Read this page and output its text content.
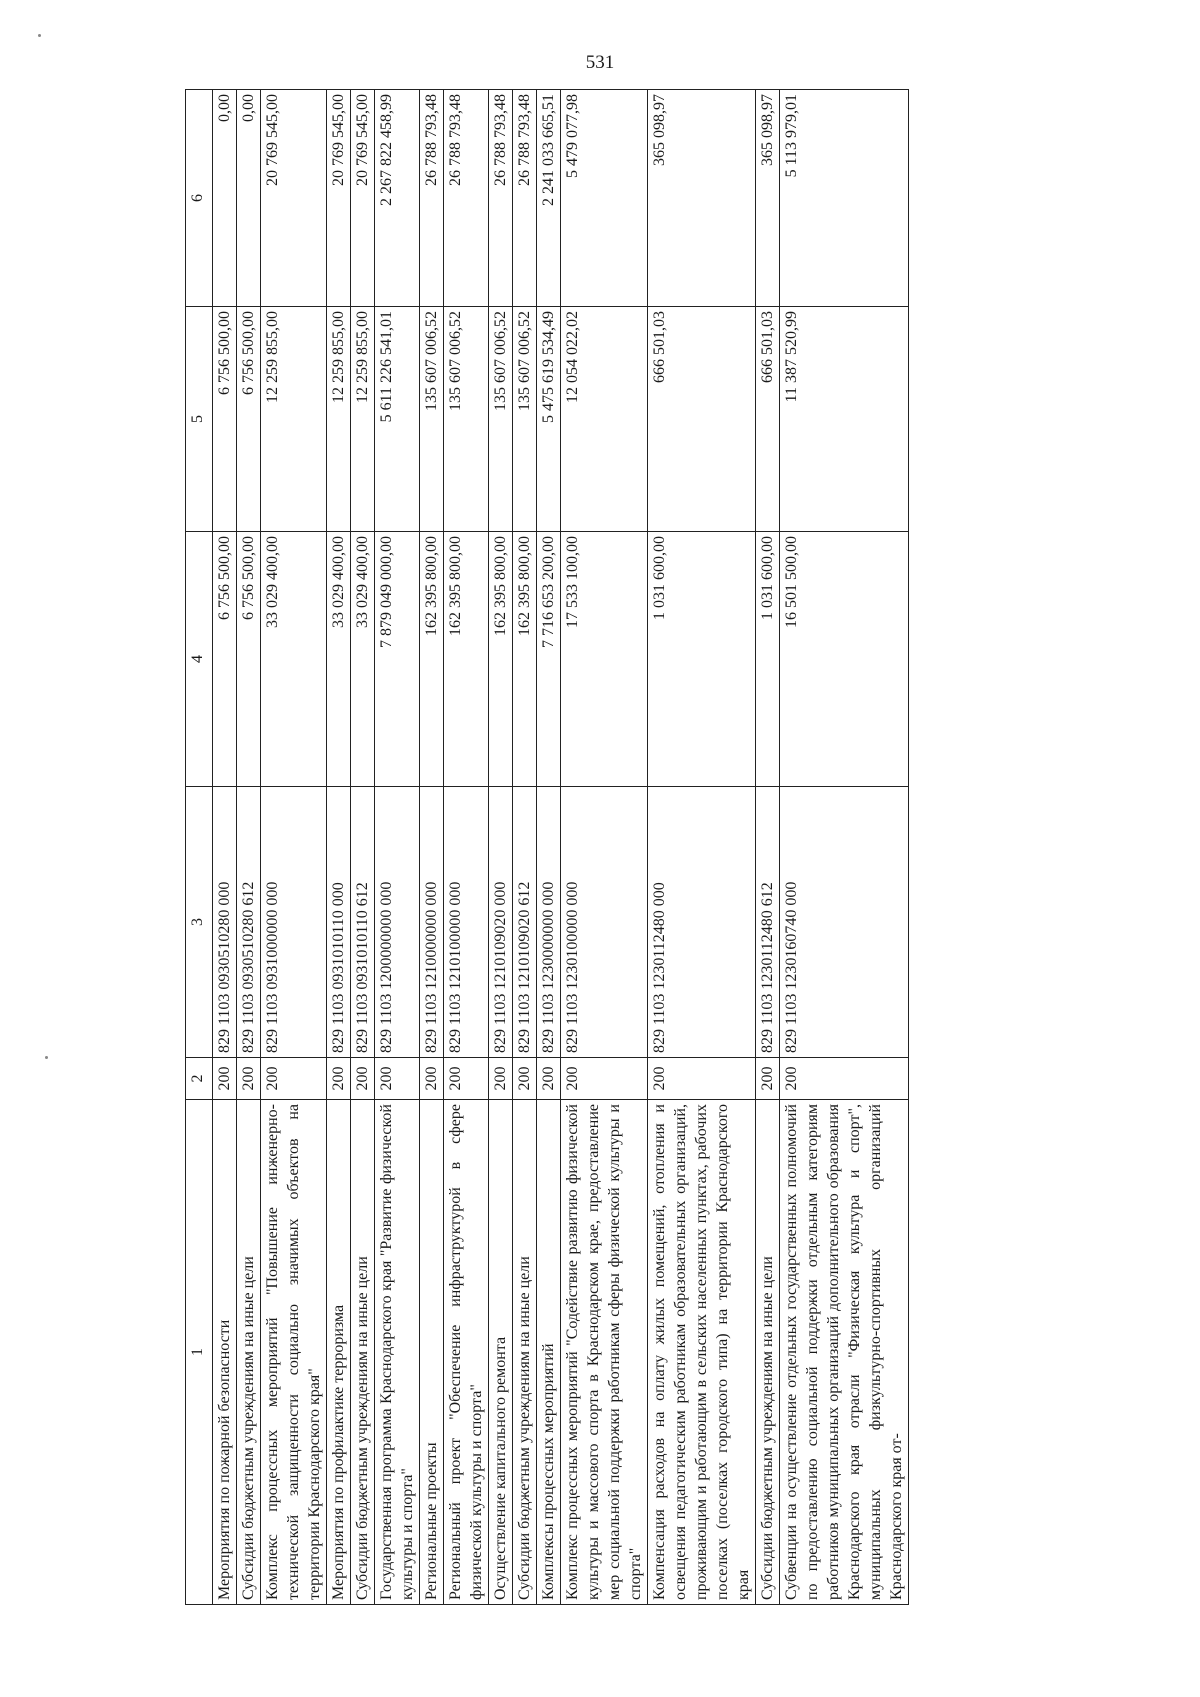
531
1	2	3	4	5	6
Мероприятия по пожарной безопасности	200	829 1103 0930510280 000	6 756 500,00	6 756 500,00	0,00
Субсидии бюджетным учреждениям на иные цели	200	829 1103 0930510280 612	6 756 500,00	6 756 500,00	0,00
Комплекс процессных мероприятий "Повышение инженерно-технической защищенности социально значимых объектов на территории Краснодарского края"	200	829 1103 0931000000 000	33 029 400,00	12 259 855,00	20 769 545,00
Мероприятия по профилактике терроризма	200	829 1103 0931010110 000	33 029 400,00	12 259 855,00	20 769 545,00
Субсидии бюджетным учреждениям на иные цели	200	829 1103 0931010110 612	33 029 400,00	12 259 855,00	20 769 545,00
Государственная программа Краснодарского края "Развитие физической культуры и спорта"	200	829 1103 1200000000 000	7 879 049 000,00	5 611 226 541,01	2 267 822 458,99
Региональные проекты	200	829 1103 1210000000 000	162 395 800,00	135 607 006,52	26 788 793,48
Региональный проект "Обеспечение инфраструктурой в сфере физической культуры и спорта"	200	829 1103 1210100000 000	162 395 800,00	135 607 006,52	26 788 793,48
Осуществление капитального ремонта	200	829 1103 1210109020 000	162 395 800,00	135 607 006,52	26 788 793,48
Субсидии бюджетным учреждениям на иные цели	200	829 1103 1210109020 612	162 395 800,00	135 607 006,52	26 788 793,48
Комплексы процессных мероприятий	200	829 1103 1230000000 000	7 716 653 200,00	5 475 619 534,49	2 241 033 665,51
Комплекс процессных мероприятий "Содействие развитию физической культуры и массового спорта в Краснодарском крае, предоставление мер социальной поддержки работникам сферы физической культуры и спорта"	200	829 1103 1230100000 000	17 533 100,00	12 054 022,02	5 479 077,98
Компенсация расходов на оплату жилых помещений, отопления и освещения педагогическим работникам образовательных организаций, проживающим и работающим в сельских населенных пунктах, рабочих поселках (поселках городского типа) на территории Краснодарского края	200	829 1103 1230112480 000	1 031 600,00	666 501,03	365 098,97
Субсидии бюджетным учреждениям на иные цели	200	829 1103 1230112480 612	1 031 600,00	666 501,03	365 098,97
Субвенции на осуществление отдельных государственных полномочий по предоставлению социальной поддержки отдельным категориям работников муниципальных организаций дополнительного образования Краснодарского края отрасли "Физическая культура и спорт", муниципальных физкультурно-спортивных организаций Краснодарского края от-	200	829 1103 1230160740 000	16 501 500,00	11 387 520,99	5 113 979,01
